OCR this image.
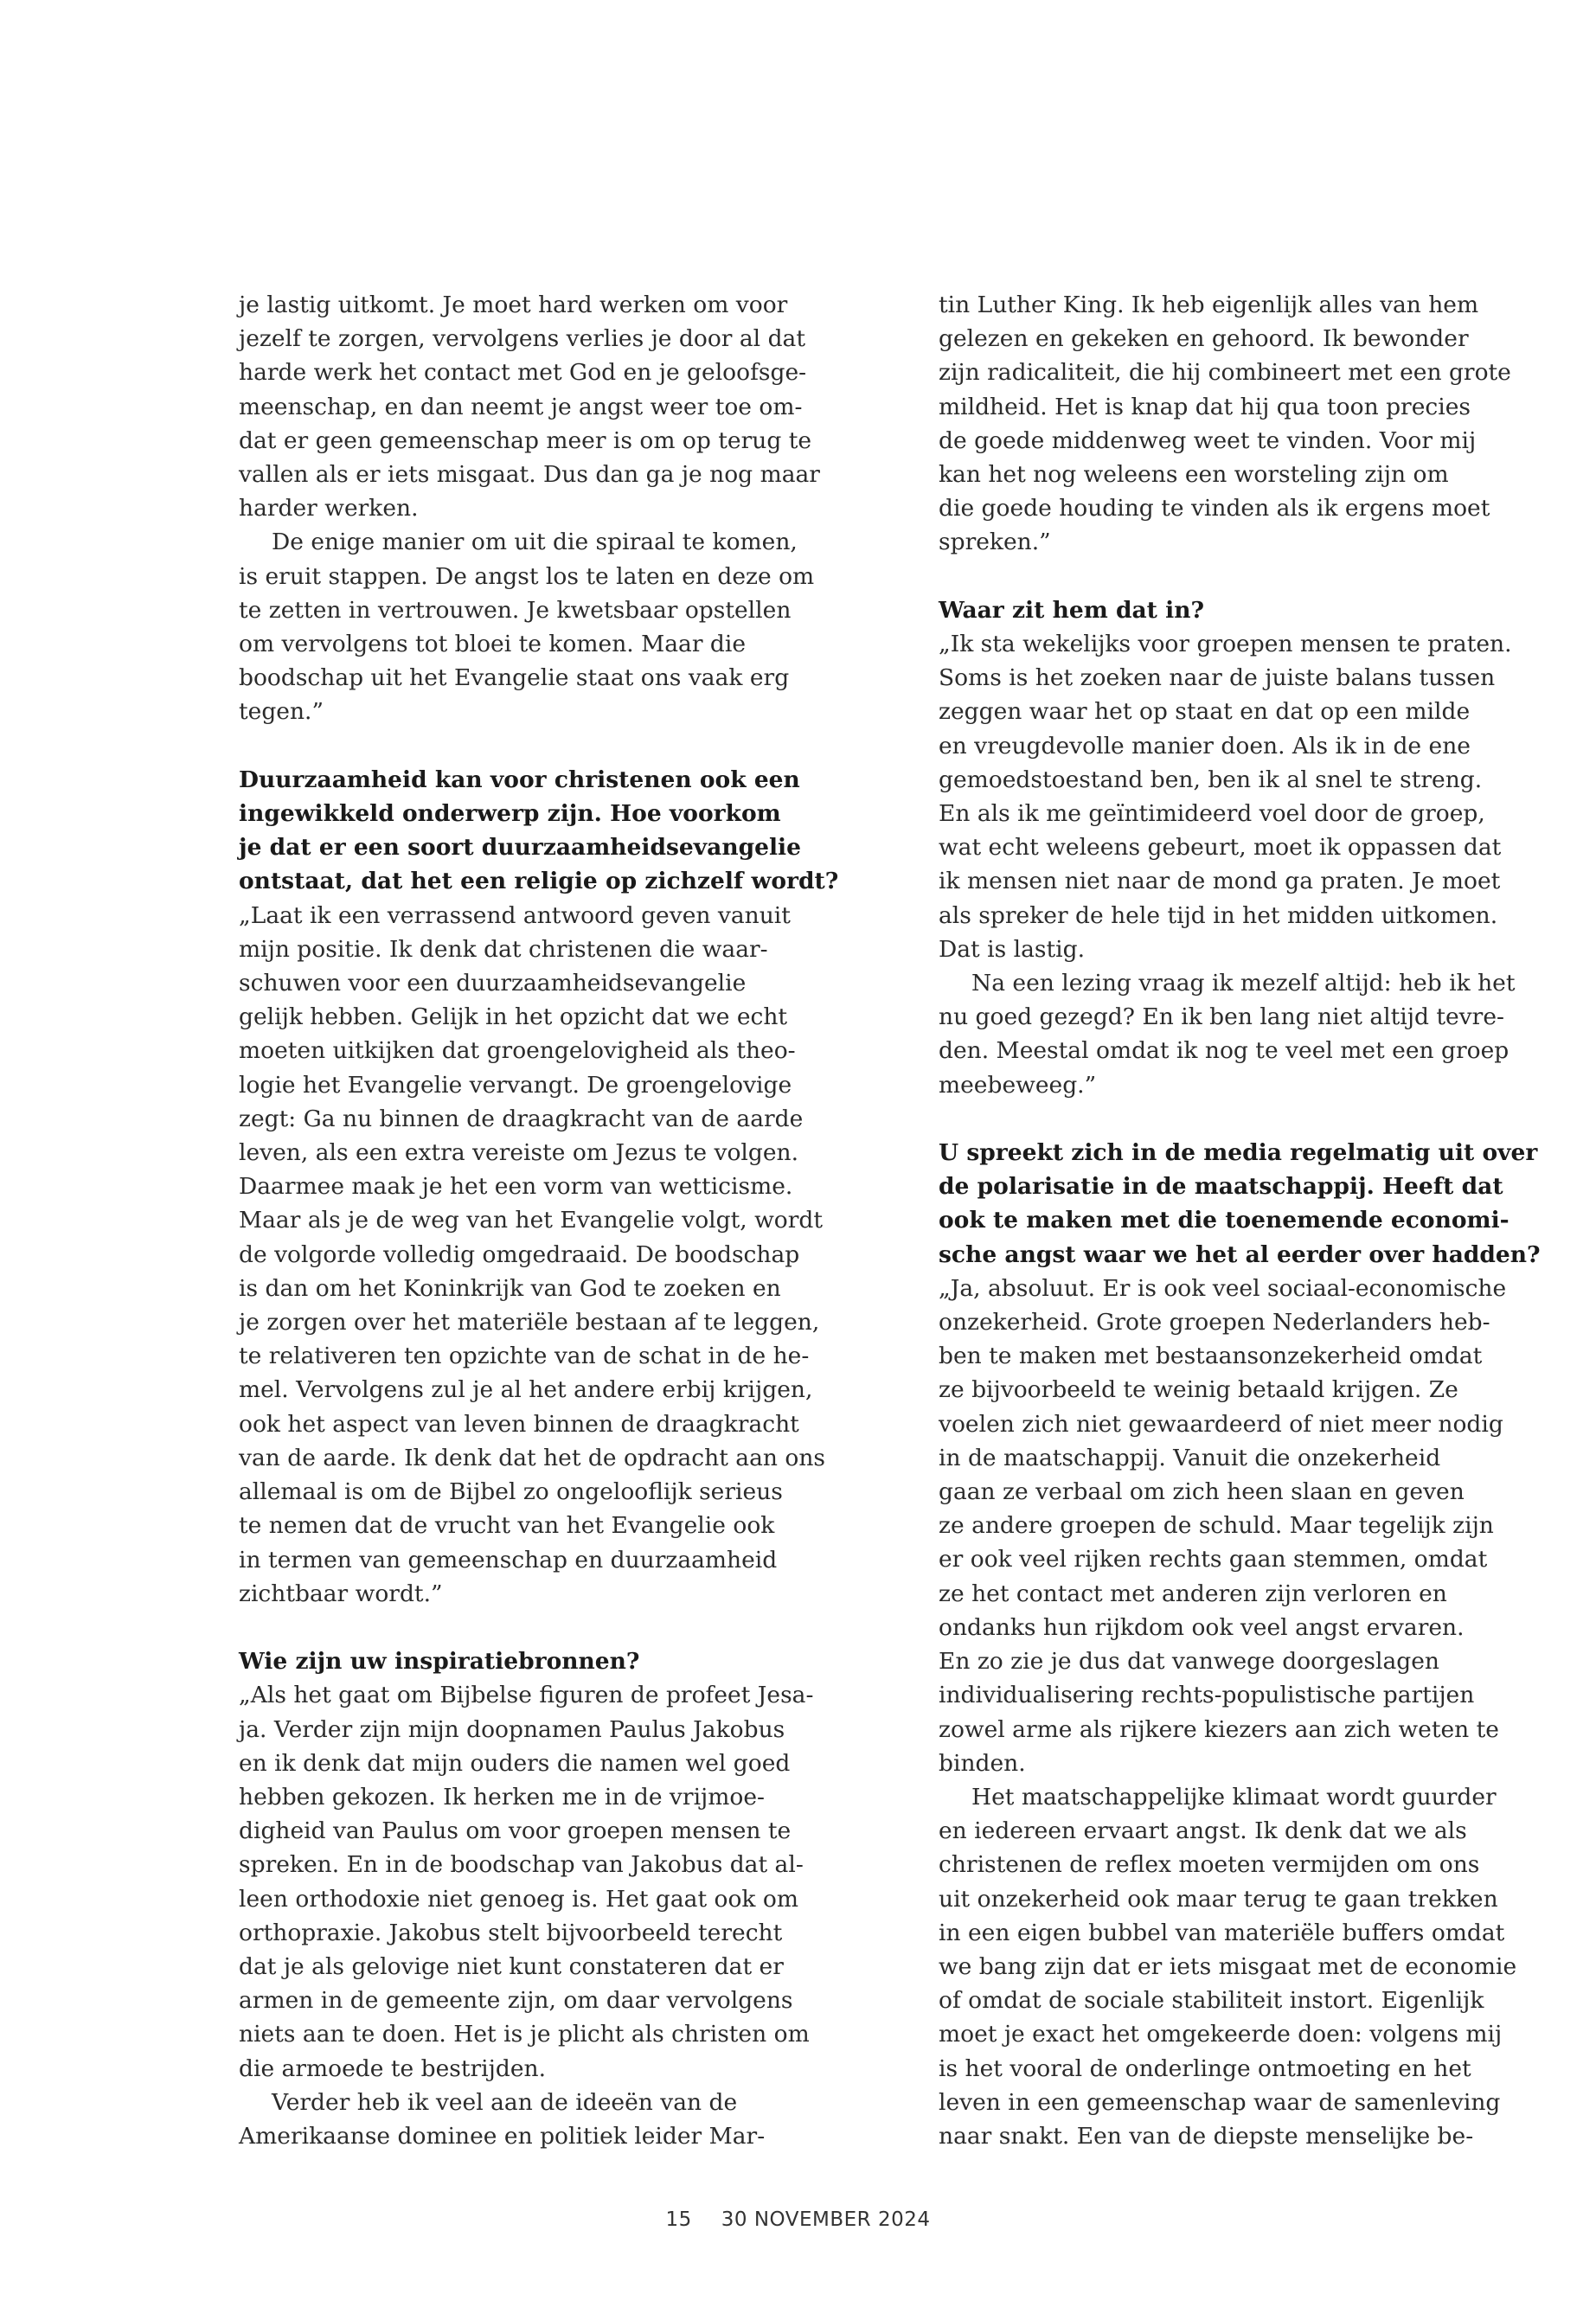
je lastig uitkomt. Je moet hard werken om voor

jezelf te zorgen, vervolgens verlies je door al dat

harde werk het contact met God en je geloofsge-

meenschap, en dan neemt je angst weer toe om-

dat er geen gemeenschap meer is om op terug te

vallen als er iets misgaat. Dus dan ga je nog maar

harder werken.

De enige manier om uit die spiraal te komen,

is eruit stappen. De angst los te laten en deze om

te zetten in vertrouwen. Je kwetsbaar opstellen

om vervolgens tot bloei te komen. Maar die

boodschap uit het Evangelie staat ons vaak erg

tegen.”

Duurzaamheid kan voor christenen ook een

ingewikkeld onderwerp zijn. Hoe voorkom

je dat er een soort duurzaamheidsevangelie

ontstaat, dat het een religie op zichzelf wordt?

„Laat ik een verrassend antwoord geven vanuit

mijn positie. Ik denk dat christenen die waar-

schuwen voor een duurzaamheidsevangelie

gelijk hebben. Gelijk in het opzicht dat we echt

moeten uitkijken dat groengelovigheid als theo-

logie het Evangelie vervangt. De groengelovige

zegt: Ga nu binnen de draagkracht van de aarde

leven, als een extra vereiste om Jezus te volgen.

Daarmee maak je het een vorm van wetticisme.

Maar als je de weg van het Evangelie volgt, wordt

de volgorde volledig omgedraaid. De boodschap

is dan om het Koninkrijk van God te zoeken en

je zorgen over het materiële bestaan af te leggen,

te relativeren ten opzichte van de schat in de he-

mel. Vervolgens zul je al het andere erbij krijgen,

ook het aspect van leven binnen de draagkracht

van de aarde. Ik denk dat het de opdracht aan ons

allemaal is om de Bijbel zo ongelooflijk serieus

te nemen dat de vrucht van het Evangelie ook

in termen van gemeenschap en duurzaamheid

zichtbaar wordt.”

Wie zijn uw inspiratiebronnen?

„Als het gaat om Bijbelse figuren de profeet Jesa-

ja. Verder zijn mijn doopnamen Paulus Jakobus

en ik denk dat mijn ouders die namen wel goed

hebben gekozen. Ik herken me in de vrijmoe-

digheid van Paulus om voor groepen mensen te

spreken. En in de boodschap van Jakobus dat al-

leen orthodoxie niet genoeg is. Het gaat ook om

orthopraxie. Jakobus stelt bijvoorbeeld terecht

dat je als gelovige niet kunt constateren dat er

armen in de gemeente zijn, om daar vervolgens

niets aan te doen. Het is je plicht als christen om

die armoede te bestrijden.

Verder heb ik veel aan de ideeën van de

Amerikaanse dominee en politiek leider Mar-

tin Luther King. Ik heb eigenlijk alles van hem

gelezen en gekeken en gehoord. Ik bewonder

zijn radicaliteit, die hij combineert met een grote

mildheid. Het is knap dat hij qua toon precies

de goede middenweg weet te vinden. Voor mij

kan het nog weleens een worsteling zijn om

die goede houding te vinden als ik ergens moet

spreken.”

Waar zit hem dat in?

„Ik sta wekelijks voor groepen mensen te praten.

Soms is het zoeken naar de juiste balans tussen

zeggen waar het op staat en dat op een milde

en vreugdevolle manier doen. Als ik in de ene

gemoedstoestand ben, ben ik al snel te streng.

En als ik me geïntimideerd voel door de groep,

wat echt weleens gebeurt, moet ik oppassen dat

ik mensen niet naar de mond ga praten. Je moet

als spreker de hele tijd in het midden uitkomen.

Dat is lastig.

Na een lezing vraag ik mezelf altijd: heb ik het

nu goed gezegd? En ik ben lang niet altijd tevre-

den. Meestal omdat ik nog te veel met een groep

meebeweeg.”

U spreekt zich in de media regelmatig uit over

de polarisatie in de maatschappij. Heeft dat

ook te maken met die toenemende economi-

sche angst waar we het al eerder over hadden?

„Ja, absoluut. Er is ook veel sociaal-economische

onzekerheid. Grote groepen Nederlanders heb-

ben te maken met bestaansonzekerheid omdat

ze bijvoorbeeld te weinig betaald krijgen. Ze

voelen zich niet gewaardeerd of niet meer nodig

in de maatschappij. Vanuit die onzekerheid

gaan ze verbaal om zich heen slaan en geven

ze andere groepen de schuld. Maar tegelijk zijn

er ook veel rijken rechts gaan stemmen, omdat

ze het contact met anderen zijn verloren en

ondanks hun rijkdom ook veel angst ervaren.

En zo zie je dus dat vanwege doorgeslagen

individualisering rechts-populistische partijen

zowel arme als rijkere kiezers aan zich weten te

binden.

Het maatschappelijke klimaat wordt guurder

en iedereen ervaart angst. Ik denk dat we als

christenen de reflex moeten vermijden om ons

uit onzekerheid ook maar terug te gaan trekken

in een eigen bubbel van materiële buffers omdat

we bang zijn dat er iets misgaat met de economie

of omdat de sociale stabiliteit instort. Eigenlijk

moet je exact het omgekeerde doen: volgens mij

is het vooral de onderlinge ontmoeting en het

leven in een gemeenschap waar de samenleving

naar snakt. Een van de diepste menselijke be-

15 30 NOVEMBER 2024
